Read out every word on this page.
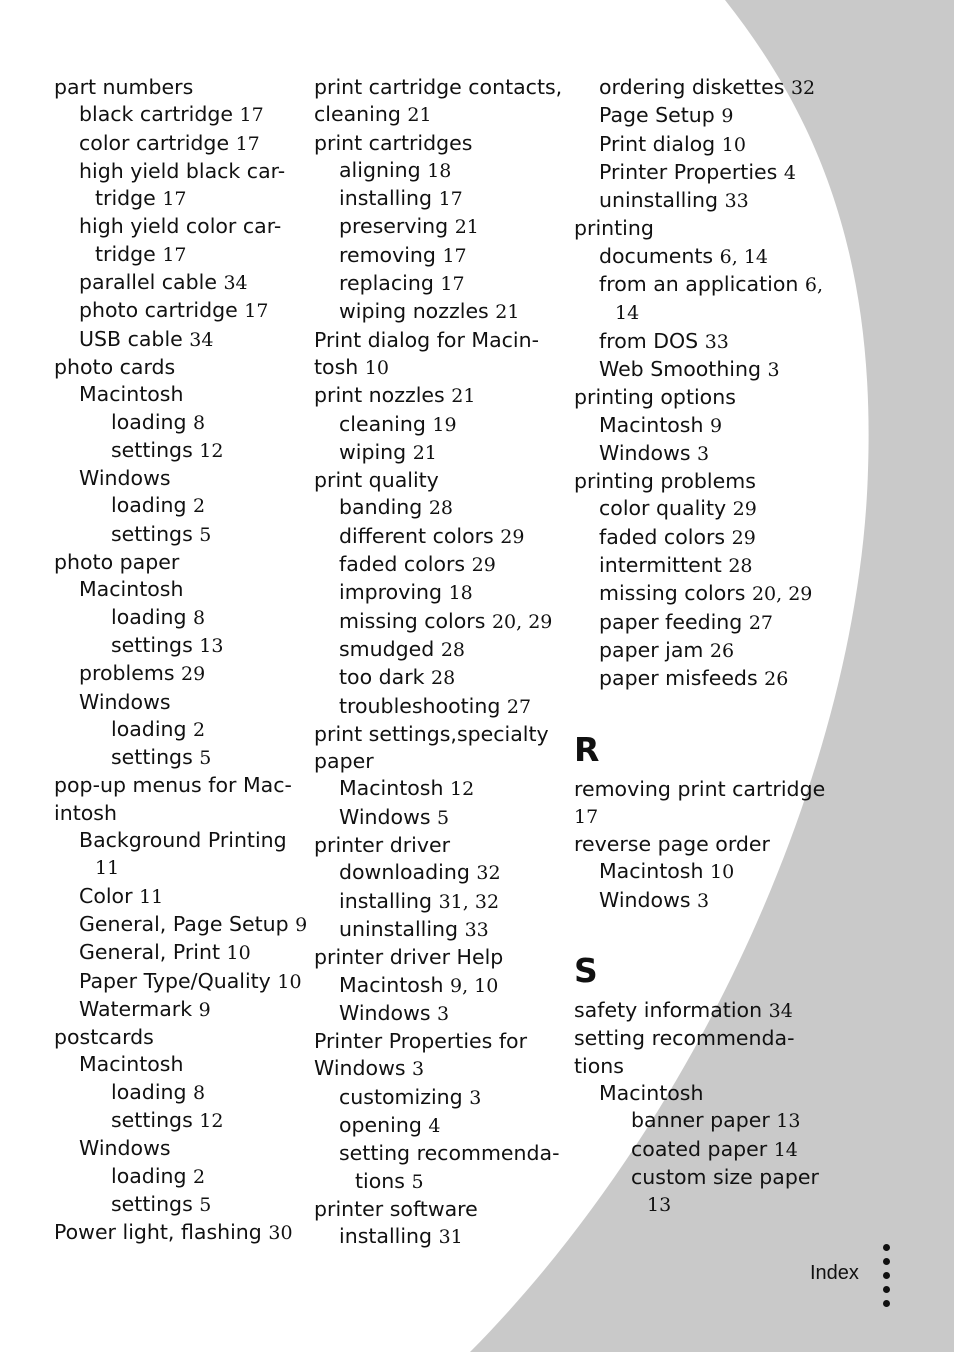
part numbers
black cartridge 17
color cartridge 17
high yield black car-
tridge 17
high yield color car-
tridge 17
parallel cable 34
photo cartridge 17
USB cable 34
photo cards
Macintosh
loading 8
settings 12
Windows
loading 2
settings 5
photo paper
Macintosh
loading 8
settings 13
problems 29
Windows
loading 2
settings 5
pop-up menus for Mac-
intosh
Background Printing
11
Color 11
General, Page Setup 9
General, Print 10
Paper Type/Quality 10
Watermark 9
postcards
Macintosh
loading 8
settings 12
Windows
loading 2
settings 5
Power light, flashing 30
print cartridge contacts,
cleaning 21
print cartridges
aligning 18
installing 17
preserving 21
removing 17
replacing 17
wiping nozzles 21
Print dialog for Macin-
tosh 10
print nozzles 21
cleaning 19
wiping 21
print quality
banding 28
different colors 29
faded colors 29
improving 18
missing colors 20, 29
smudged 28
too dark 28
troubleshooting 27
print settings,specialty
paper
Macintosh 12
Windows 5
printer driver
downloading 32
installing 31, 32
uninstalling 33
printer driver Help
Macintosh 9, 10
Windows 3
Printer Properties for
Windows 3
customizing 3
opening 4
setting recommenda-
tions 5
printer software
installing 31
ordering diskettes 32
Page Setup 9
Print dialog 10
Printer Properties 4
uninstalling 33
printing
documents 6, 14
from an application 6,
14
from DOS 33
Web Smoothing 3
printing options
Macintosh 9
Windows 3
printing problems
color quality 29
faded colors 29
intermittent 28
missing colors 20, 29
paper feeding 27
paper jam 26
paper misfeeds 26
R
removing print cartridge
17
reverse page order
Macintosh 10
Windows 3
S
safety information 34
setting recommenda-
tions
Macintosh
banner paper 13
coated paper 14
custom size paper
13
Index
